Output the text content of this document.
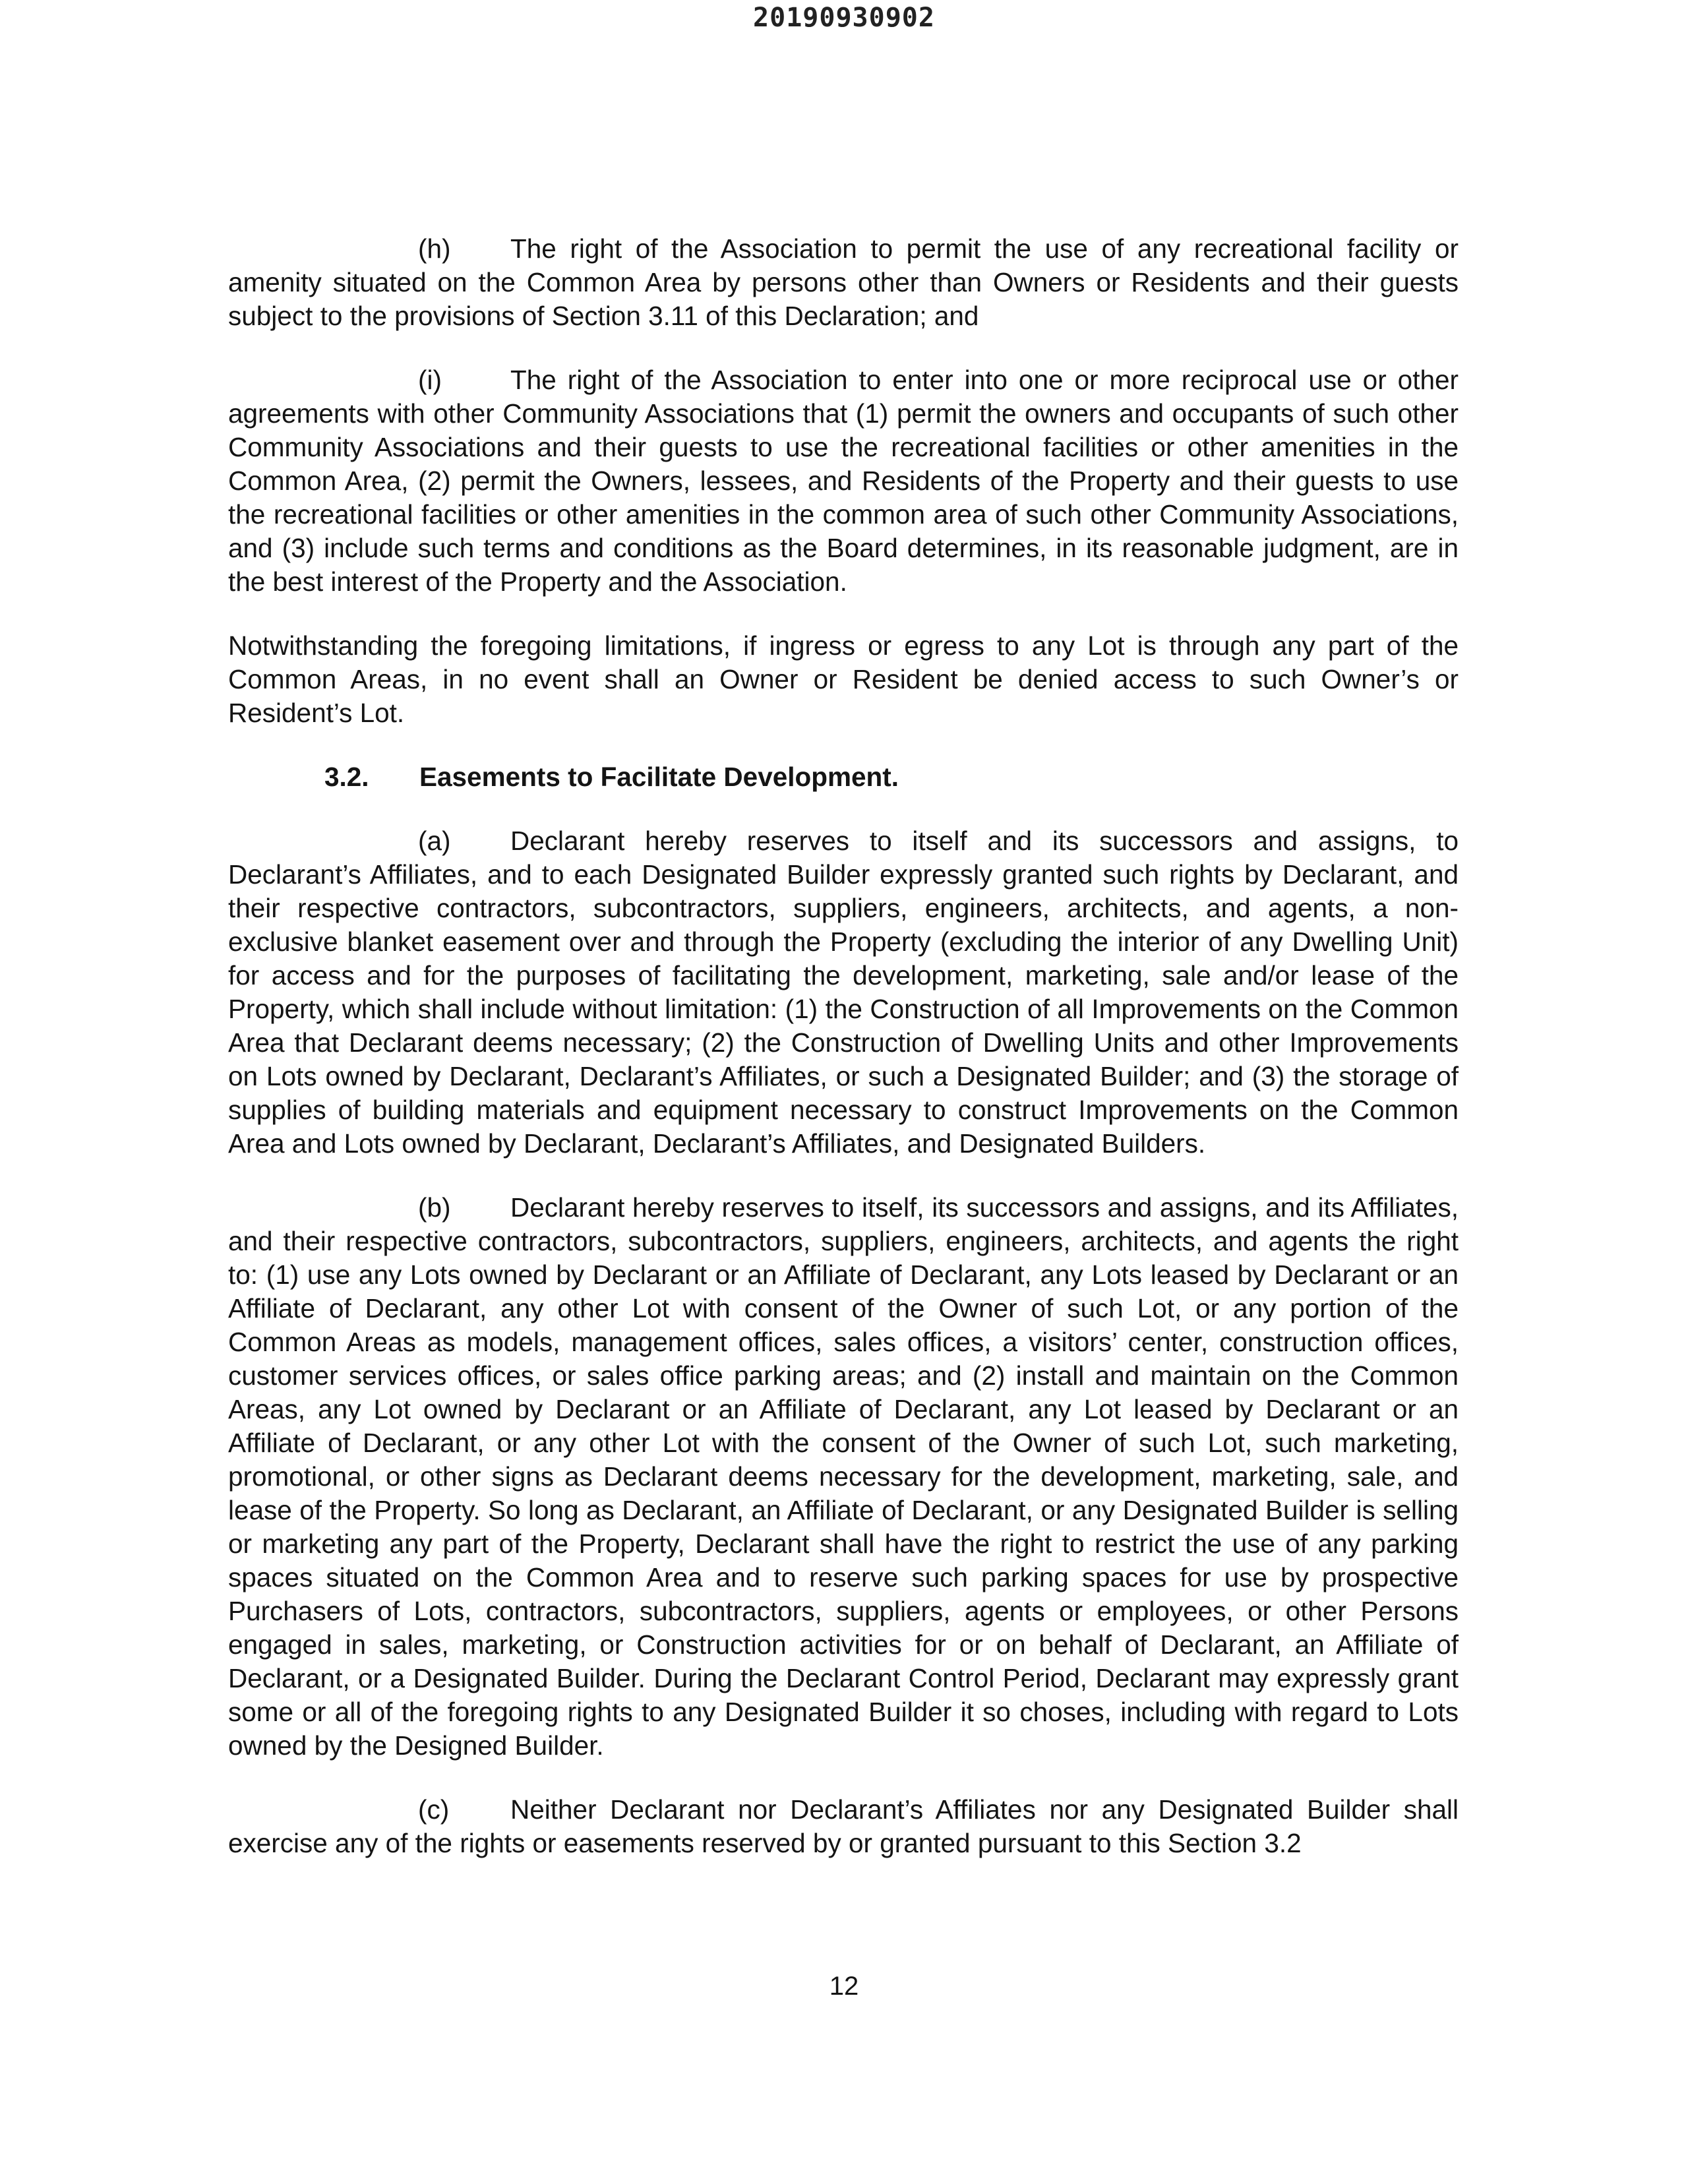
20190930902

(h) The right of the Association to permit the use of any recreational facility or amenity situated on the Common Area by persons other than Owners or Residents and their guests subject to the provisions of Section 3.11 of this Declaration; and

(i)	The right of the Association to enter into one or more reciprocal use or other agreements with other Community Associations that (1) permit the owners and occupants of such other Community Associations and their guests to use the recreational facilities or other amenities in the Common Area, (2) permit the Owners, lessees, and Residents of the Property and their guests to use the recreational facilities or other amenities in the common area of such other Community Associations, and (3) include such terms and conditions as the Board determines, in its reasonable judgment, are in the best interest of the Property and the Association.

Notwithstanding the foregoing limitations, if ingress or egress to any Lot is through any part of the Common Areas, in no event shall an Owner or Resident be denied access to such Owner’s or Resident’s Lot.

3.2. Easements to Facilitate Development.

(a) Declarant hereby reserves to itself and its successors and assigns, to Declarant’s Affiliates, and to each Designated Builder expressly granted such rights by Declarant, and their respective contractors, subcontractors, suppliers, engineers, architects, and agents, a non-exclusive blanket easement over and through the Property (excluding the interior of any Dwelling Unit) for access and for the purposes of facilitating the development, marketing, sale and/or lease of the Property, which shall include without limitation: (1) the Construction of all Improvements on the Common Area that Declarant deems necessary; (2) the Construction of Dwelling Units and other Improvements on Lots owned by Declarant, Declarant’s Affiliates, or such a Designated Builder; and (3) the storage of supplies of building materials and equipment necessary to construct Improvements on the Common Area and Lots owned by Declarant, Declarant’s Affiliates, and Designated Builders.

(b) Declarant hereby reserves to itself, its successors and assigns, and its Affiliates, and their respective contractors, subcontractors, suppliers, engineers, architects, and agents the right to: (1) use any Lots owned by Declarant or an Affiliate of Declarant, any Lots leased by Declarant or an Affiliate of Declarant, any other Lot with consent of the Owner of such Lot, or any portion of the Common Areas as models, management offices, sales offices, a visitors’ center, construction offices, customer services offices, or sales office parking areas; and (2) install and maintain on the Common Areas, any Lot owned by Declarant or an Affiliate of Declarant, any Lot leased by Declarant or an Affiliate of Declarant, or any other Lot with the consent of the Owner of such Lot, such marketing, promotional, or other signs as Declarant deems necessary for the development, marketing, sale, and lease of the Property. So long as Declarant, an Affiliate of Declarant, or any Designated Builder is selling or marketing any part of the Property, Declarant shall have the right to restrict the use of any parking spaces situated on the Common Area and to reserve such parking spaces for use by prospective Purchasers of Lots, contractors, subcontractors, suppliers, agents or employees, or other Persons engaged in sales, marketing, or Construction activities for or on behalf of Declarant, an Affiliate of Declarant, or a Designated Builder. During the Declarant Control Period, Declarant may expressly grant some or all of the foregoing rights to any Designated Builder it so choses, including with regard to Lots owned by the Designed Builder.

(c) Neither Declarant nor Declarant’s Affiliates nor any Designated Builder shall exercise any of the rights or easements reserved by or granted pursuant to this Section 3.2

12
